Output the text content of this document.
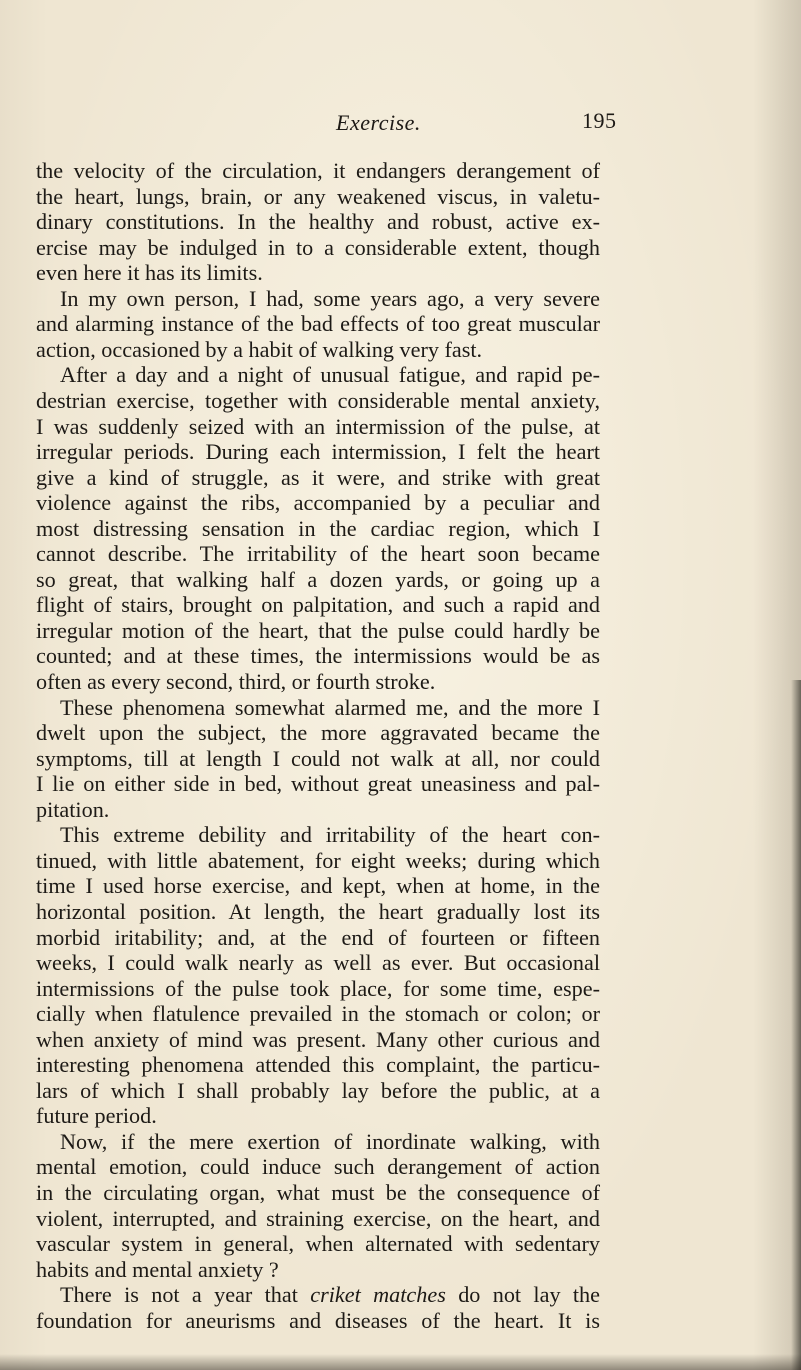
Exercise.	195
the velocity of the circulation, it endangers derangement of
the heart, lungs, brain, or any weakened viscus, in valetu-
dinary constitutions. In the healthy and robust, active ex-
ercise may be indulged in to a considerable extent, though
even here it has its limits.
In my own person, I had, some years ago, a very severe
and alarming instance of the bad effects of too great muscular
action, occasioned by a habit of walking very fast.
After a day and a night of unusual fatigue, and rapid pe-
destrian exercise, together with considerable mental anxiety,
I was suddenly seized with an intermission of the pulse, at
irregular periods. During each intermission, I felt the heart
give a kind of struggle, as it were, and strike with great
violence against the ribs, accompanied by a peculiar and
most distressing sensation in the cardiac region, which I
cannot describe. The irritability of the heart soon became
so great, that walking half a dozen yards, or going up a
flight of stairs, brought on palpitation, and such a rapid and
irregular motion of the heart, that the pulse could hardly be
counted; and at these times, the intermissions would be as
often as every second, third, or fourth stroke.
These phenomena somewhat alarmed me, and the more I
dwelt upon the subject, the more aggravated became the
symptoms, till at length I could not walk at all, nor could
I lie on either side in bed, without great uneasiness and pal-
pitation.
This extreme debility and irritability of the heart con-
tinued, with little abatement, for eight weeks; during which
time I used horse exercise, and kept, when at home, in the
horizontal position. At length, the heart gradually lost its
morbid iritability; and, at the end of fourteen or fifteen
weeks, I could walk nearly as well as ever. But occasional
intermissions of the pulse took place, for some time, espe-
cially when flatulence prevailed in the stomach or colon; or
when anxiety of mind was present. Many other curious and
interesting phenomena attended this complaint, the particu-
lars of which I shall probably lay before the public, at a
future period.
Now, if the mere exertion of inordinate walking, with
mental emotion, could induce such derangement of action
in the circulating organ, what must be the consequence of
violent, interrupted, and straining exercise, on the heart, and
vascular system in general, when alternated with sedentary
habits and mental anxiety ?
There is not a year that criket matches do not lay the
foundation for aneurisms and diseases of the heart. It is
